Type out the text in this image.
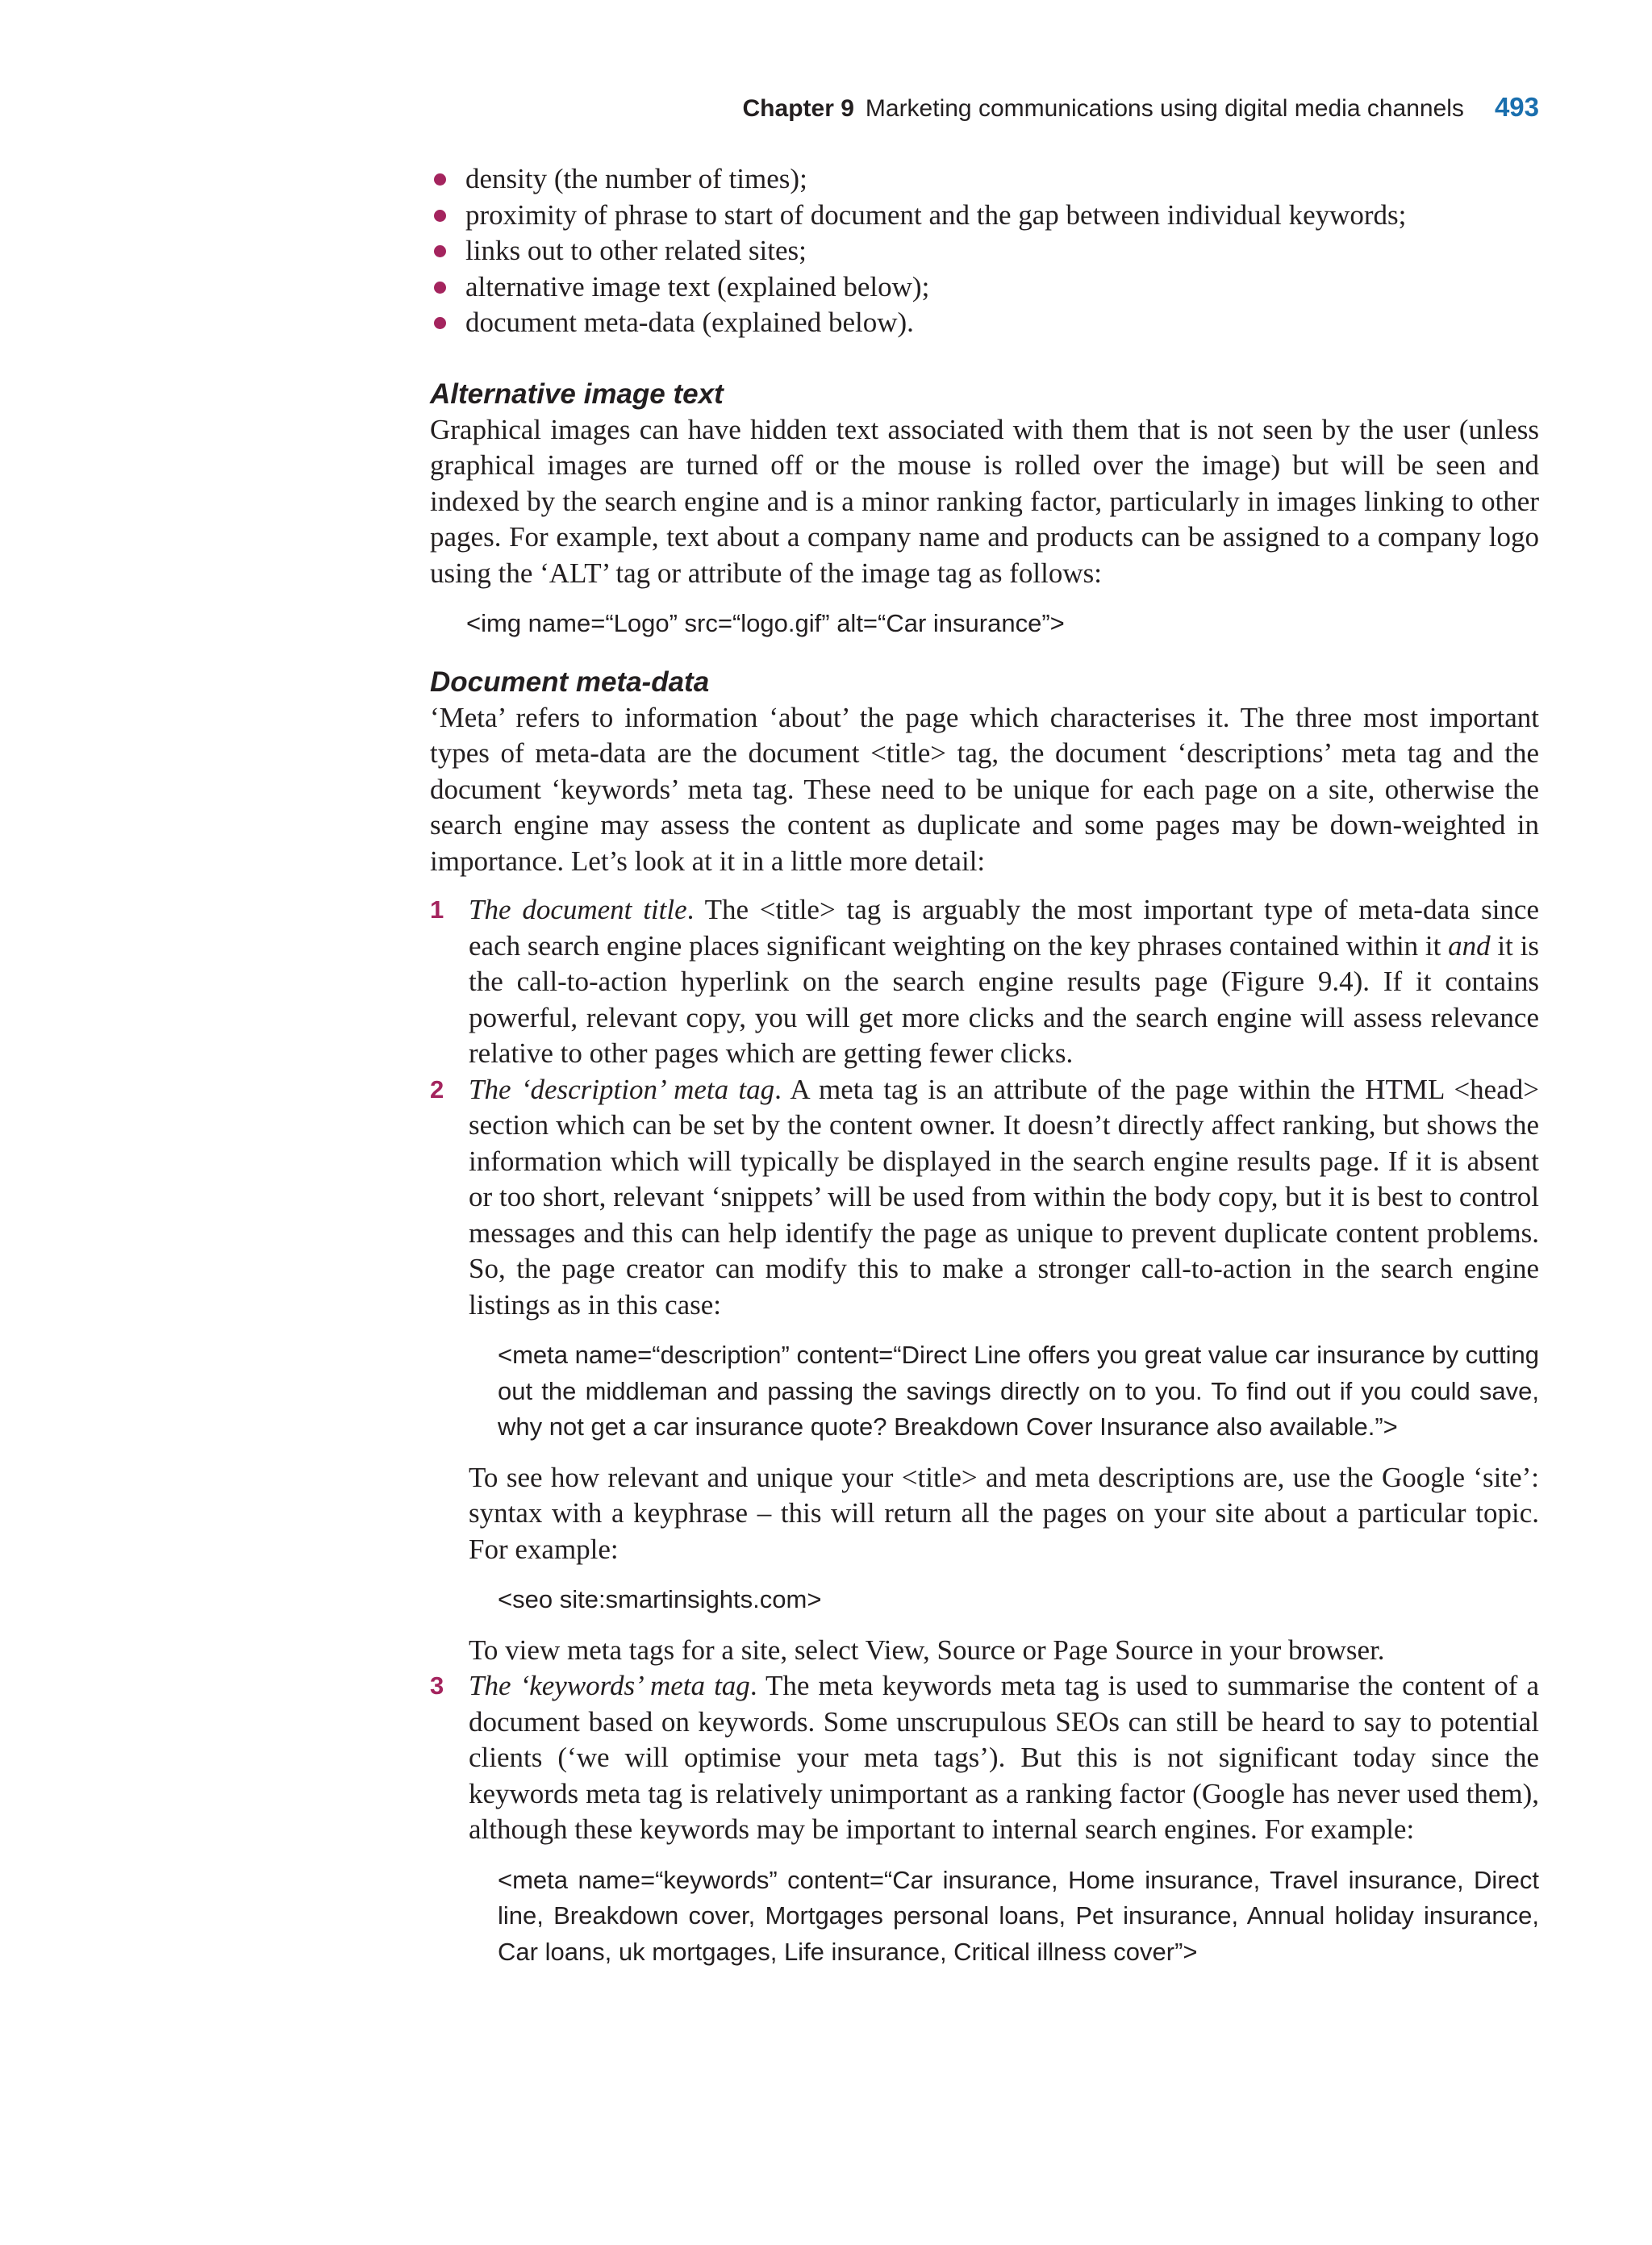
Chapter 9 Marketing communications using digital media channels 493
density (the number of times);
proximity of phrase to start of document and the gap between individual keywords;
links out to other related sites;
alternative image text (explained below);
document meta-data (explained below).
Alternative image text

Graphical images can have hidden text associated with them that is not seen by the user (unless graphical images are turned off or the mouse is rolled over the image) but will be seen and indexed by the search engine and is a minor ranking factor, particularly in images linking to other pages. For example, text about a company name and products can be assigned to a company logo using the ‘ALT’ tag or attribute of the image tag as follows:

<img name=“Logo” src=“logo.gif” alt=“Car insurance”>

Document meta-data

‘Meta’ refers to information ‘about’ the page which characterises it. The three most important types of meta-data are the document <title> tag, the document ‘descriptions’ meta tag and the document ‘keywords’ meta tag. These need to be unique for each page on a site, otherwise the search engine may assess the content as duplicate and some pages may be down-weighted in importance. Let’s look at it in a little more detail:

1 The document title. The <title> tag is arguably the most important type of meta-data since each search engine places significant weighting on the key phrases contained within it and it is the call-to-action hyperlink on the search engine results page (Figure 9.4). If it contains powerful, relevant copy, you will get more clicks and the search engine will assess relevance relative to other pages which are getting fewer clicks.

2 The ‘description’ meta tag. A meta tag is an attribute of the page within the HTML <head> section which can be set by the content owner. It doesn’t directly affect ranking, but shows the information which will typically be displayed in the search engine results page. If it is absent or too short, relevant ‘snippets’ will be used from within the body copy, but it is best to control messages and this can help identify the page as unique to prevent duplicate content problems. So, the page creator can modify this to make a stronger call-to-action in the search engine listings as in this case:

<meta name=“description” content=“Direct Line offers you great value car insurance by cutting out the middleman and passing the savings directly on to you. To find out if you could save, why not get a car insurance quote? Breakdown Cover Insurance also available.”>

To see how relevant and unique your <title> and meta descriptions are, use the Google ‘site’: syntax with a keyphrase – this will return all the pages on your site about a particular topic. For example:

<seo site:smartinsights.com>

To view meta tags for a site, select View, Source or Page Source in your browser.

3 The ‘keywords’ meta tag. The meta keywords meta tag is used to summarise the content of a document based on keywords. Some unscrupulous SEOs can still be heard to say to potential clients (‘we will optimise your meta tags’). But this is not significant today since the keywords meta tag is relatively unimportant as a ranking factor (Google has never used them), although these keywords may be important to internal search engines. For example:

<meta name=“keywords” content=“Car insurance, Home insurance, Travel insurance, Direct line, Breakdown cover, Mortgages personal loans, Pet insurance, Annual holiday insurance, Car loans, uk mortgages, Life insurance, Critical illness cover”>
